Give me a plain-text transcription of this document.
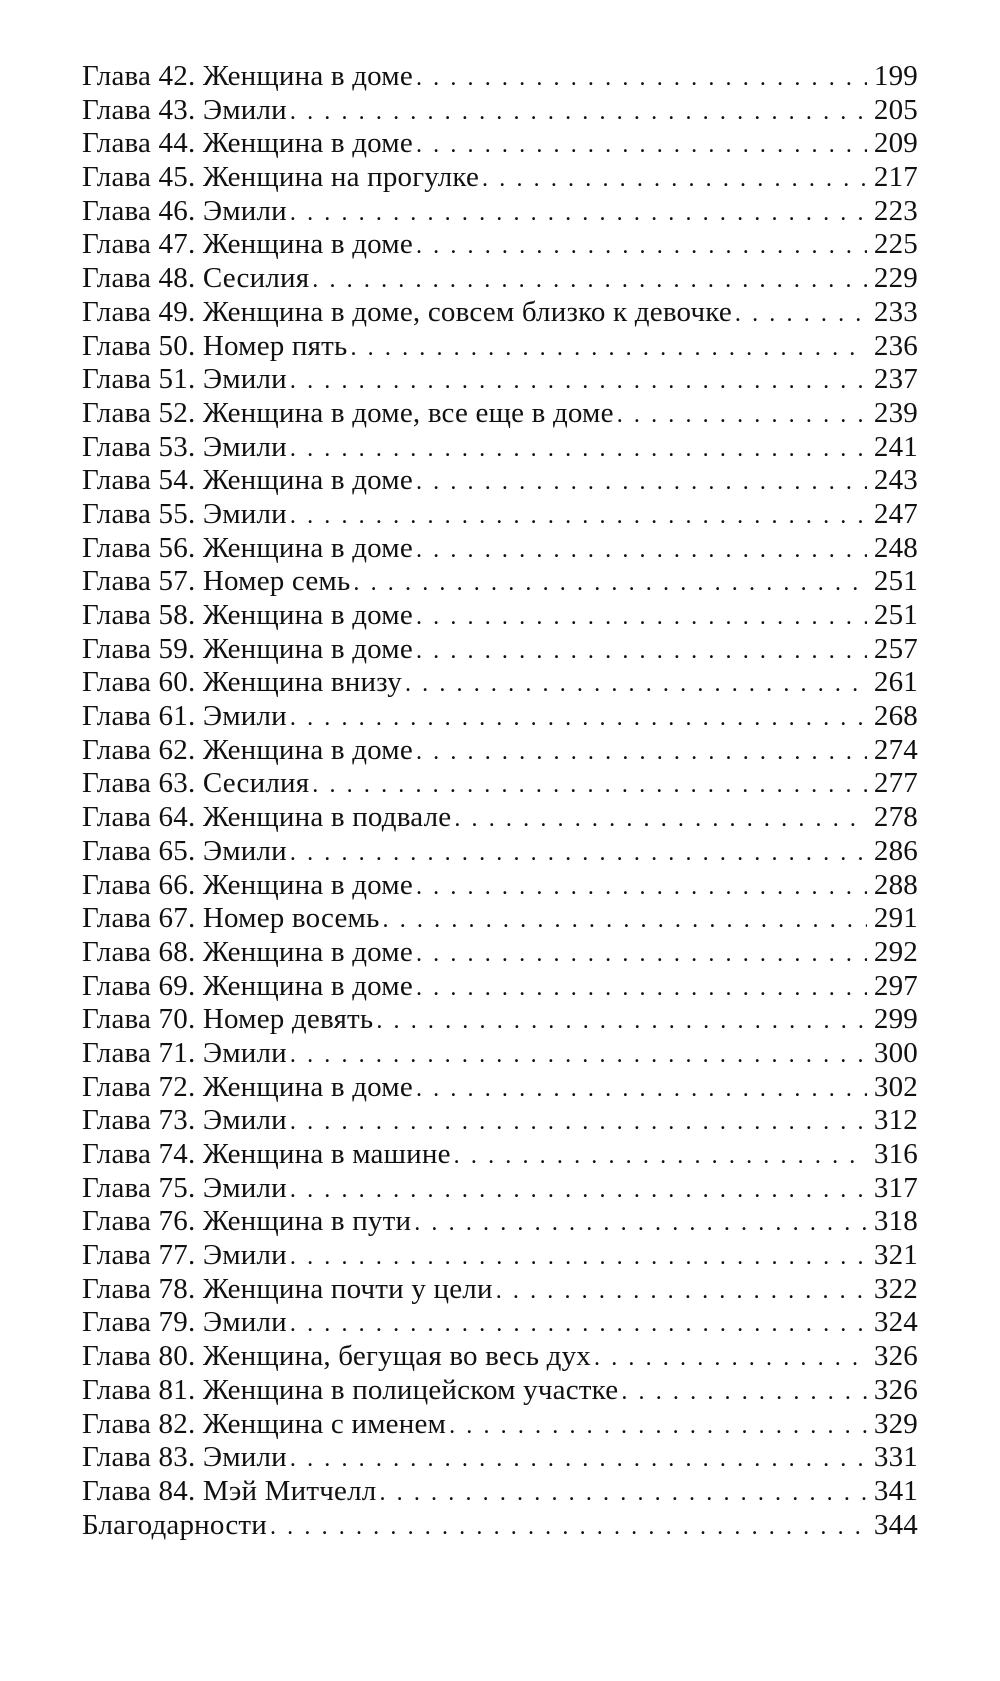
Глава 42. Женщина в доме . . .	199
Глава 43. Эмили . . .	205
Глава 44. Женщина в доме . . .	209
Глава 45. Женщина на прогулке . . .	217
Глава 46. Эмили . . .	223
Глава 47. Женщина в доме . . .	225
Глава 48. Сесилия . . .	229
Глава 49. Женщина в доме, совсем близко к девочке . . .	233
Глава 50. Номер пять . . .	236
Глава 51. Эмили . . .	237
Глава 52. Женщина в доме, все еще в доме . . .	239
Глава 53. Эмили . . .	241
Глава 54. Женщина в доме . . .	243
Глава 55. Эмили . . .	247
Глава 56. Женщина в доме . . .	248
Глава 57. Номер семь . . .	251
Глава 58. Женщина в доме . . .	251
Глава 59. Женщина в доме . . .	257
Глава 60. Женщина внизу . . .	261
Глава 61. Эмили . . .	268
Глава 62. Женщина в доме . . .	274
Глава 63. Сесилия . . .	277
Глава 64. Женщина в подвале . . .	278
Глава 65. Эмили . . .	286
Глава 66. Женщина в доме . . .	288
Глава 67. Номер восемь . . .	291
Глава 68. Женщина в доме . . .	292
Глава 69. Женщина в доме . . .	297
Глава 70. Номер девять . . .	299
Глава 71. Эмили . . .	300
Глава 72. Женщина в доме . . .	302
Глава 73. Эмили . . .	312
Глава 74. Женщина в машине . . .	316
Глава 75. Эмили . . .	317
Глава 76. Женщина в пути . . .	318
Глава 77. Эмили . . .	321
Глава 78. Женщина почти у цели . . .	322
Глава 79. Эмили . . .	324
Глава 80. Женщина, бегущая во весь дух . . .	326
Глава 81. Женщина в полицейском участке . . .	326
Глава 82. Женщина с именем . . .	329
Глава 83. Эмили . . .	331
Глава 84. Мэй Митчелл . . .	341
Благодарности . . .	344
